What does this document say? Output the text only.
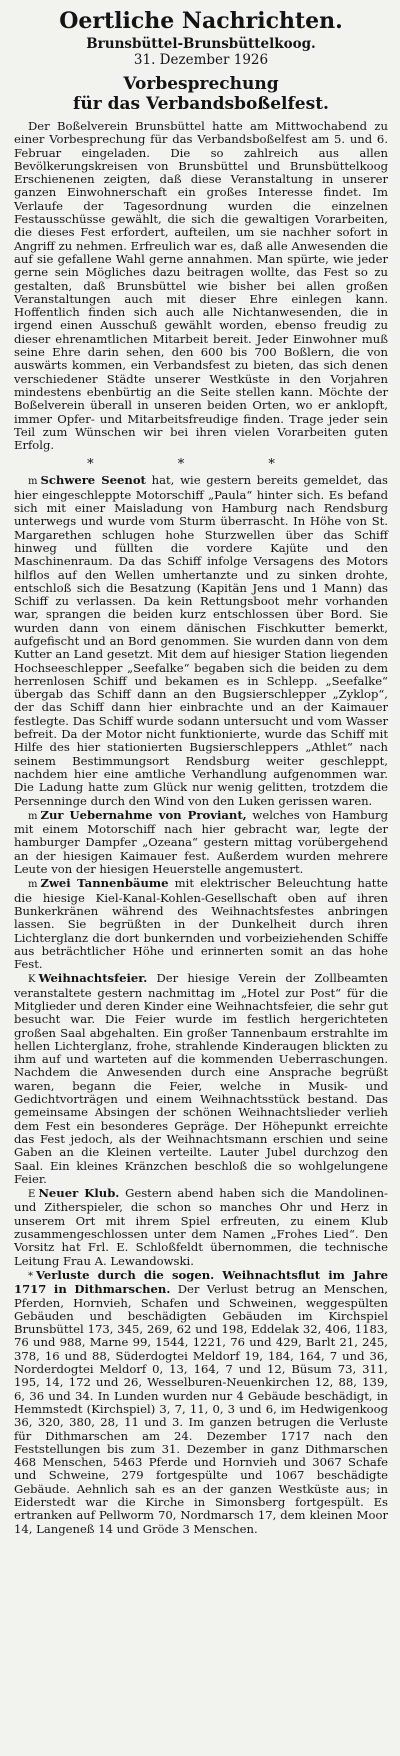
Oertliche Nachrichten.
Brunsbüttel-Brunsbüttelkoog.
31. Dezember 1926
Vorbesprechung
für das Verbandsboßelfest.

Der Boßelverein Brunsbüttel hatte am Mittwochabend zu einer Vorbesprechung für das Verbandsboßelfest am 5. und 6. Februar eingeladen. Die so zahlreich aus allen Bevölkerungskreisen von Brunsbüttel und Brunsbüttelkoog Erschienenen zeigten, daß diese Veranstaltung in unserer ganzen Einwohnerschaft ein großes Interesse findet. Im Verlaufe der Tagesordnung wurden die einzelnen Festausschüsse gewählt, die sich die gewaltigen Vorarbeiten, die dieses Fest erfordert, aufteilen, um sie nachher sofort in Angriff zu nehmen. Erfreulich war es, daß alle Anwesenden die auf sie gefallene Wahl gerne annahmen. Man spürte, wie jeder gerne sein Mögliches dazu beitragen wollte, das Fest so zu gestalten, daß Brunsbüttel wie bisher bei allen großen Veranstaltungen auch mit dieser Ehre einlegen kann. Hoffentlich finden sich auch alle Nichtanwesenden, die in irgend einen Ausschuß gewählt worden, ebenso freudig zu dieser ehrenamtlichen Mitarbeit bereit. Jeder Einwohner muß seine Ehre darin sehen, den 600 bis 700 Boßlern, die von auswärts kommen, ein Verbandsfest zu bieten, das sich denen verschiedener Städte unserer Westküste in den Vorjahren mindestens ebenbürtig an die Seite stellen kann. Möchte der Boßelverein überall in unseren beiden Orten, wo er anklopft, immer Opfer- und Mitarbeitsfreudige finden. Trage jeder sein Teil zum Wünschen wir bei ihren vielen Vorarbeiten guten Erfolg.

* * *

m Schwere Seenot hat, wie gestern bereits gemeldet, das hier eingeschleppte Motorschiff „Paula“ hinter sich. Es befand sich mit einer Maisladung von Hamburg nach Rendsburg unterwegs und wurde vom Sturm überrascht. In Höhe von St. Margarethen schlugen hohe Sturzwellen über das Schiff hinweg und füllten die vordere Kajüte und den Maschinenraum. Da das Schiff infolge Versagens des Motors hilflos auf den Wellen umhertanzte und zu sinken drohte, entschloß sich die Besatzung (Kapitän Jens und 1 Mann) das Schiff zu verlassen. Da kein Rettungsboot mehr vorhanden war, sprangen die beiden kurz entschlossen über Bord. Sie wurden dann von einem dänischen Fischkutter bemerkt, aufgefischt und an Bord genommen. Sie wurden dann von dem Kutter an Land gesetzt. Mit dem auf hiesiger Station liegenden Hochseeschlepper „Seefalke“ begaben sich die beiden zu dem herrenlosen Schiff und bekamen es in Schlepp. „Seefalke“ übergab das Schiff dann an den Bugsierschlepper „Zyklop“, der das Schiff dann hier einbrachte und an der Kaimauer festlegte. Das Schiff wurde sodann untersucht und vom Wasser befreit. Da der Motor nicht funktionierte, wurde das Schiff mit Hilfe des hier stationierten Bugsierschleppers „Athlet“ nach seinem Bestimmungsort Rendsburg weiter geschleppt, nachdem hier eine amtliche Verhandlung aufgenommen war. Die Ladung hatte zum Glück nur wenig gelitten, trotzdem die Persenninge durch den Wind von den Luken gerissen waren.

m Zur Uebernahme von Proviant, welches von Hamburg mit einem Motorschiff nach hier gebracht war, legte der hamburger Dampfer „Ozeana“ gestern mittag vorübergehend an der hiesigen Kaimauer fest. Außerdem wurden mehrere Leute von der hiesigen Heuerstelle angemustert.

m Zwei Tannenbäume mit elektrischer Beleuchtung hatte die hiesige Kiel-Kanal-Kohlen-Gesellschaft oben auf ihren Bunkerkränen während des Weihnachtsfestes anbringen lassen. Sie begrüßten in der Dunkelheit durch ihren Lichterglanz die dort bunkernden und vorbeiziehenden Schiffe aus beträchtlicher Höhe und erinnerten somit an das hohe Fest.

K Weihnachtsfeier. Der hiesige Verein der Zollbeamten veranstaltete gestern nachmittag im „Hotel zur Post“ für die Mitglieder und deren Kinder eine Weihnachtsfeier, die sehr gut besucht war. Die Feier wurde im festlich hergerichteten großen Saal abgehalten. Ein großer Tannenbaum erstrahlte im hellen Lichterglanz, frohe, strahlende Kinderaugen blickten zu ihm auf und warteten auf die kommenden Ueberraschungen. Nachdem die Anwesenden durch eine Ansprache begrüßt waren, begann die Feier, welche in Musik- und Gedichtvorträgen und einem Weihnachtsstück bestand. Das gemeinsame Absingen der schönen Weihnachtslieder verlieh dem Fest ein besonderes Gepräge. Der Höhepunkt erreichte das Fest jedoch, als der Weihnachtsmann erschien und seine Gaben an die Kleinen verteilte. Lauter Jubel durchzog den Saal. Ein kleines Kränzchen beschloß die so wohlgelungene Feier.

E Neuer Klub. Gestern abend haben sich die Mandolinen- und Zitherspieler, die schon so manches Ohr und Herz in unserem Ort mit ihrem Spiel erfreuten, zu einem Klub zusammengeschlossen unter dem Namen „Frohes Lied“. Den Vorsitz hat Frl. E. Schloßfeldt übernommen, die technische Leitung Frau A. Lewandowski.

* Verluste durch die sogen. Weihnachtsflut im Jahre 1717 in Dithmarschen. Der Verlust betrug an Menschen, Pferden, Hornvieh, Schafen und Schweinen, weggespülten Gebäuden und beschädigten Gebäuden im Kirchspiel Brunsbüttel 173, 345, 269, 62 und 198, Eddelak 32, 406, 1183, 76 und 988, Marne 99, 1544, 1221, 76 und 429, Barlt 21, 245, 378, 16 und 88, Süderdogtei Meldorf 19, 184, 164, 7 und 36, Norderdogtei Meldorf 0, 13, 164, 7 und 12, Büsum 73, 311, 195, 14, 172 und 26, Wesselburen-Neuenkirchen 12, 88, 139, 6, 36 und 34. In Lunden wurden nur 4 Gebäude beschädigt, in Hemmstedt (Kirchspiel) 3, 7, 11, 0, 3 und 6, im Hedwigenkoog 36, 320, 380, 28, 11 und 3. Im ganzen betrugen die Verluste für Dithmarschen am 24. Dezember 1717 nach den Feststellungen bis zum 31. Dezember in ganz Dithmarschen 468 Menschen, 5463 Pferde und Hornvieh und 3067 Schafe und Schweine, 279 fortgespülte und 1067 beschädigte Gebäude. Aehnlich sah es an der ganzen Westküste aus; in Eiderstedt war die Kirche in Simonsberg fortgespült. Es ertranken auf Pellworm 70, Nordmarsch 17, dem kleinen Moor 14, Langeneß 14 und Gröde 3 Menschen.
